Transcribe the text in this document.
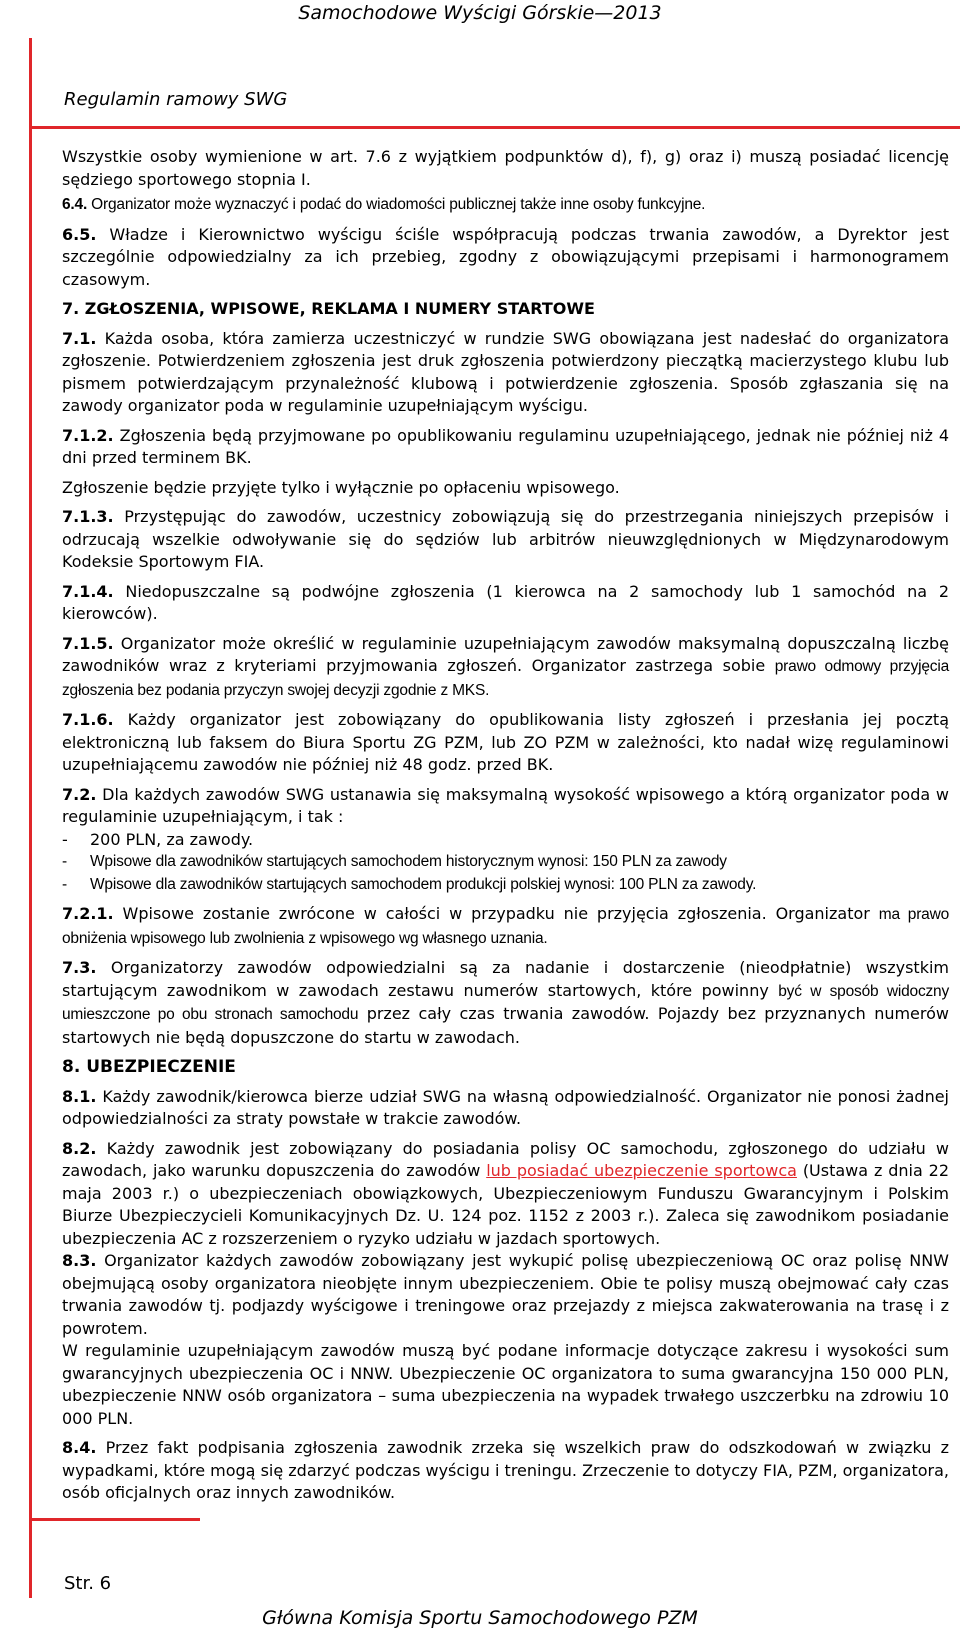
Samochodowe Wyścigi Górskie—2013
Regulamin ramowy SWG

Wszystkie osoby wymienione w art. 7.6 z wyjątkiem podpunktów d), f), g) oraz i) muszą posiadać licencję sędziego sportowego stopnia I.

6.4. Organizator może wyznaczyć i podać do wiadomości publicznej także inne osoby funkcyjne.

6.5. Władze i Kierownictwo wyścigu ściśle współpracują podczas trwania zawodów, a Dyrektor jest szczególnie odpowiedzialny za ich przebieg, zgodny z obowiązującymi przepisami i harmonogramem czasowym.

7. ZGŁOSZENIA, WPISOWE, REKLAMA I NUMERY STARTOWE

7.1. Każda osoba, która zamierza uczestniczyć w rundzie SWG obowiązana jest nadesłać do organizatora zgłoszenie. Potwierdzeniem zgłoszenia jest druk zgłoszenia potwierdzony pieczątką macierzystego klubu lub pismem potwierdzającym przynależność klubową i potwierdzenie zgłoszenia. Sposób zgłaszania się na zawody organizator poda w regulaminie uzupełniającym wyścigu.

7.1.2. Zgłoszenia będą przyjmowane po opublikowaniu regulaminu uzupełniającego, jednak nie później niż 4 dni przed terminem BK.

Zgłoszenie będzie przyjęte tylko i wyłącznie po opłaceniu wpisowego.

7.1.3. Przystępując do zawodów, uczestnicy zobowiązują się do przestrzegania niniejszych przepisów i odrzucają wszelkie odwoływanie się do sędziów lub arbitrów nieuwzględnionych w Międzynarodowym Kodeksie Sportowym FIA.

7.1.4. Niedopuszczalne są podwójne zgłoszenia (1 kierowca na 2 samochody lub 1 samochód na 2 kierowców).

7.1.5. Organizator może określić w regulaminie uzupełniającym zawodów maksymalną dopuszczalną liczbę zawodników wraz z kryteriami przyjmowania zgłoszeń. Organizator zastrzega sobie prawo odmowy przyjęcia zgłoszenia bez podania przyczyn swojej decyzji zgodnie z MKS.

7.1.6. Każdy organizator jest zobowiązany do opublikowania listy zgłoszeń i przesłania jej pocztą elektroniczną lub faksem do Biura Sportu ZG PZM, lub ZO PZM w zależności, kto nadał wizę regulaminowi uzupełniającemu zawodów nie później niż 48 godz. przed BK.

7.2. Dla każdych zawodów SWG ustanawia się maksymalną wysokość wpisowego a którą organizator poda w regulaminie uzupełniającym, i tak :

- 200 PLN, za zawody.

- Wpisowe dla zawodników startujących samochodem historycznym wynosi: 150 PLN za zawody

- Wpisowe dla zawodników startujących samochodem produkcji polskiej wynosi: 100 PLN za zawody.

7.2.1. Wpisowe zostanie zwrócone w całości w przypadku nie przyjęcia zgłoszenia. Organizator ma prawo obniżenia wpisowego lub zwolnienia z wpisowego wg własnego uznania.

7.3. Organizatorzy zawodów odpowiedzialni są za nadanie i dostarczenie (nieodpłatnie) wszystkim startującym zawodnikom w zawodach zestawu numerów startowych, które powinny być w sposób widoczny umieszczone po obu stronach samochodu przez cały czas trwania zawodów. Pojazdy bez przyznanych numerów startowych nie będą dopuszczone do startu w zawodach.

8. UBEZPIECZENIE

8.1. Każdy zawodnik/kierowca bierze udział SWG na własną odpowiedzialność. Organizator nie ponosi żadnej odpowiedzialności za straty powstałe w trakcie zawodów.

8.2. Każdy zawodnik jest zobowiązany do posiadania polisy OC samochodu, zgłoszonego do udziału w zawodach, jako warunku dopuszczenia do zawodów lub posiadać ubezpieczenie sportowca (Ustawa z dnia 22 maja 2003 r.) o ubezpieczeniach obowiązkowych, Ubezpieczeniowym Funduszu Gwarancyjnym i Polskim Biurze Ubezpieczycieli Komunikacyjnych Dz. U. 124 poz. 1152 z 2003 r.). Zaleca się zawodnikom posiadanie ubezpieczenia AC z rozszerzeniem o ryzyko udziału w jazdach sportowych.

8.3. Organizator każdych zawodów zobowiązany jest wykupić polisę ubezpieczeniową OC oraz polisę NNW obejmującą osoby organizatora nieobjęte innym ubezpieczeniem. Obie te polisy muszą obejmować cały czas trwania zawodów tj. podjazdy wyścigowe i treningowe oraz przejazdy z miejsca zakwaterowania na trasę i z powrotem.

W regulaminie uzupełniającym zawodów muszą być podane informacje dotyczące zakresu i wysokości sum gwarancyjnych ubezpieczenia OC i NNW. Ubezpieczenie OC organizatora to suma gwarancyjna 150 000 PLN, ubezpieczenie NNW osób organizatora – suma ubezpieczenia na wypadek trwałego uszczerbku na zdrowiu 10 000 PLN.

8.4. Przez fakt podpisania zgłoszenia zawodnik zrzeka się wszelkich praw do odszkodowań w związku z wypadkami, które mogą się zdarzyć podczas wyścigu i treningu. Zrzeczenie to dotyczy FIA, PZM, organizatora, osób oficjalnych oraz innych zawodników.

Str. 6
Główna Komisja Sportu Samochodowego PZM
